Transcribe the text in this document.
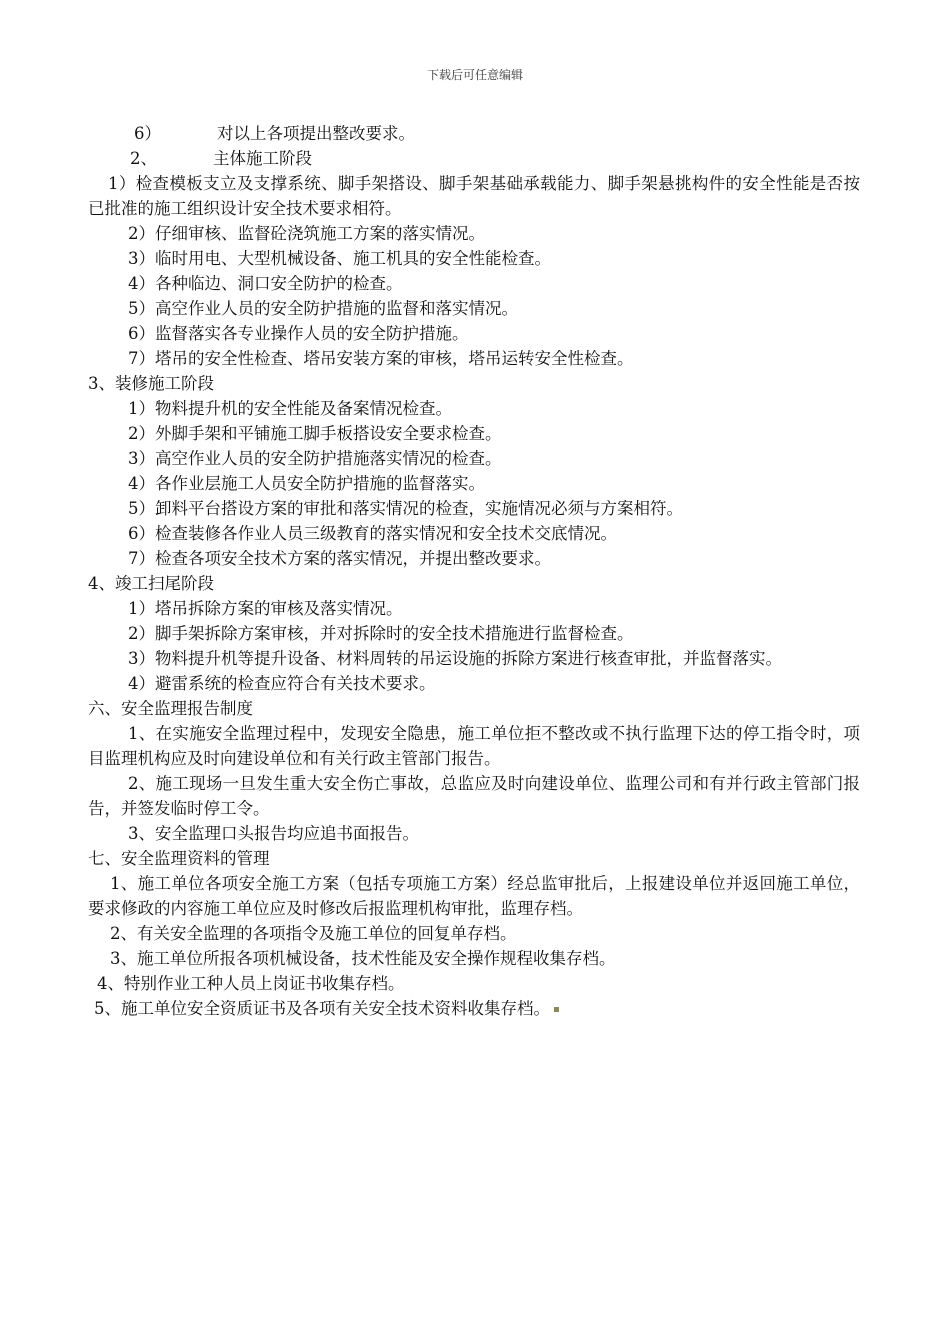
下载后可任意编辑

6）	对以上各项提出整改要求。

2、	主体施工阶段

1）检查模板支立及支撑系统、脚手架搭设、脚手架基础承载能力、脚手架悬挑构件的安全性能是否按已批准的施工组织设计安全技术要求相符。

2）仔细审核、监督砼浇筑施工方案的落实情况。

3）临时用电、大型机械设备、施工机具的安全性能检查。

4）各种临边、洞口安全防护的检查。

5）高空作业人员的安全防护措施的监督和落实情况。

6）监督落实各专业操作人员的安全防护措施。

7）塔吊的安全性检查、塔吊安装方案的审核，塔吊运转安全性检查。

3、装修施工阶段

1）物料提升机的安全性能及备案情况检查。

2）外脚手架和平铺施工脚手板搭设安全要求检查。

3）高空作业人员的安全防护措施落实情况的检查。

4）各作业层施工人员安全防护措施的监督落实。

5）卸料平台搭设方案的审批和落实情况的检查，实施情况必须与方案相符。

6）检查装修各作业人员三级教育的落实情况和安全技术交底情况。

7）检查各项安全技术方案的落实情况，并提出整改要求。

4、竣工扫尾阶段

1）塔吊拆除方案的审核及落实情况。

2）脚手架拆除方案审核，并对拆除时的安全技术措施进行监督检查。

3）物料提升机等提升设备、材料周转的吊运设施的拆除方案进行核查审批，并监督落实。

4）避雷系统的检查应符合有关技术要求。

六、安全监理报告制度

1、在实施安全监理过程中，发现安全隐患，施工单位拒不整改或不执行监理下达的停工指令时，项目监理机构应及时向建设单位和有关行政主管部门报告。

2、施工现场一旦发生重大安全伤亡事故，总监应及时向建设单位、监理公司和有并行政主管部门报告，并签发临时停工令。

3、安全监理口头报告均应追书面报告。

七、安全监理资料的管理

1、施工单位各项安全施工方案（包括专项施工方案）经总监审批后，上报建设单位并返回施工单位，要求修政的内容施工单位应及时修改后报监理机构审批，监理存档。

2、有关安全监理的各项指令及施工单位的回复单存档。

3、施工单位所报各项机械设备，技术性能及安全操作规程收集存档。

4、特别作业工种人员上岗证书收集存档。

5、施工单位安全资质证书及各项有关安全技术资料收集存档。
